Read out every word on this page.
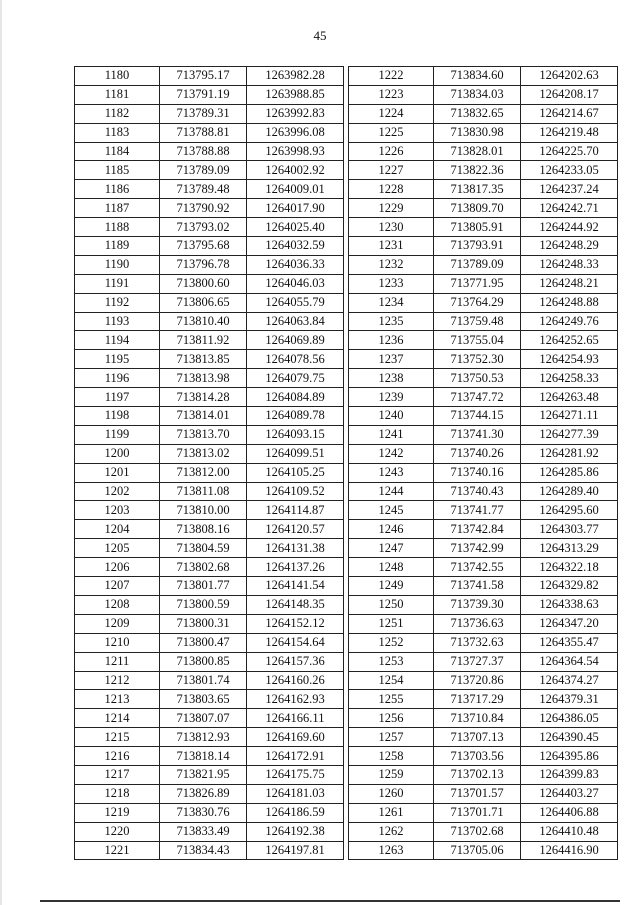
45
1180	713795.17	1263982.28
1181	713791.19	1263988.85
1182	713789.31	1263992.83
1183	713788.81	1263996.08
1184	713788.88	1263998.93
1185	713789.09	1264002.92
1186	713789.48	1264009.01
1187	713790.92	1264017.90
1188	713793.02	1264025.40
1189	713795.68	1264032.59
1190	713796.78	1264036.33
1191	713800.60	1264046.03
1192	713806.65	1264055.79
1193	713810.40	1264063.84
1194	713811.92	1264069.89
1195	713813.85	1264078.56
1196	713813.98	1264079.75
1197	713814.28	1264084.89
1198	713814.01	1264089.78
1199	713813.70	1264093.15
1200	713813.02	1264099.51
1201	713812.00	1264105.25
1202	713811.08	1264109.52
1203	713810.00	1264114.87
1204	713808.16	1264120.57
1205	713804.59	1264131.38
1206	713802.68	1264137.26
1207	713801.77	1264141.54
1208	713800.59	1264148.35
1209	713800.31	1264152.12
1210	713800.47	1264154.64
1211	713800.85	1264157.36
1212	713801.74	1264160.26
1213	713803.65	1264162.93
1214	713807.07	1264166.11
1215	713812.93	1264169.60
1216	713818.14	1264172.91
1217	713821.95	1264175.75
1218	713826.89	1264181.03
1219	713830.76	1264186.59
1220	713833.49	1264192.38
1221	713834.43	1264197.81
1222	713834.60	1264202.63
1223	713834.03	1264208.17
1224	713832.65	1264214.67
1225	713830.98	1264219.48
1226	713828.01	1264225.70
1227	713822.36	1264233.05
1228	713817.35	1264237.24
1229	713809.70	1264242.71
1230	713805.91	1264244.92
1231	713793.91	1264248.29
1232	713789.09	1264248.33
1233	713771.95	1264248.21
1234	713764.29	1264248.88
1235	713759.48	1264249.76
1236	713755.04	1264252.65
1237	713752.30	1264254.93
1238	713750.53	1264258.33
1239	713747.72	1264263.48
1240	713744.15	1264271.11
1241	713741.30	1264277.39
1242	713740.26	1264281.92
1243	713740.16	1264285.86
1244	713740.43	1264289.40
1245	713741.77	1264295.60
1246	713742.84	1264303.77
1247	713742.99	1264313.29
1248	713742.55	1264322.18
1249	713741.58	1264329.82
1250	713739.30	1264338.63
1251	713736.63	1264347.20
1252	713732.63	1264355.47
1253	713727.37	1264364.54
1254	713720.86	1264374.27
1255	713717.29	1264379.31
1256	713710.84	1264386.05
1257	713707.13	1264390.45
1258	713703.56	1264395.86
1259	713702.13	1264399.83
1260	713701.57	1264403.27
1261	713701.71	1264406.88
1262	713702.68	1264410.48
1263	713705.06	1264416.90
